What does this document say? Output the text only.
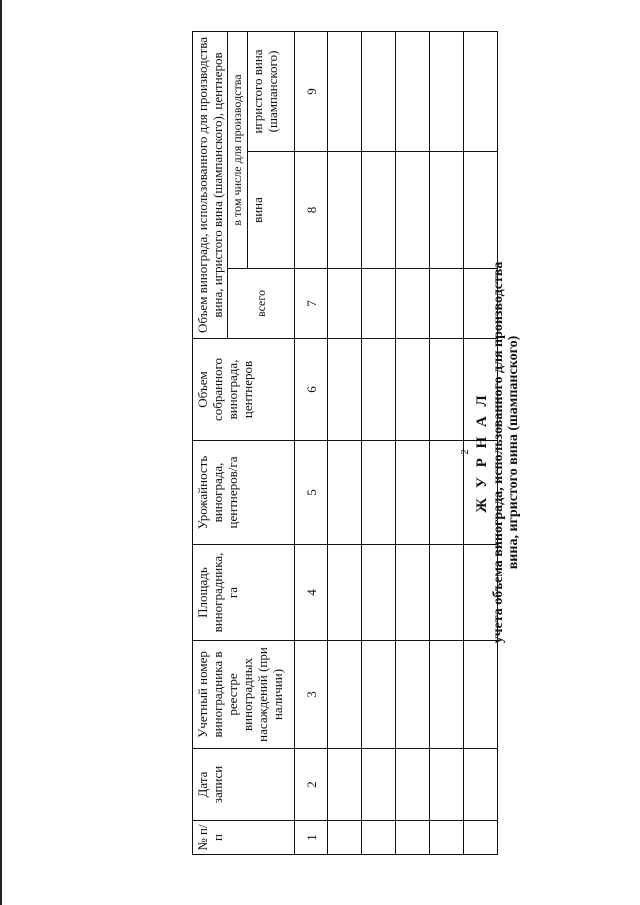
2 Ж У Р Н А Л учета объема винограда, использованного для производства вина, игристого вина (шампанского)
№ п/п	Дата записи	Учетный номер виноградника в реестре виноградных насаждений (при наличии)	Площадь виноградника, га	Урожайность винограда, центнеров/га	Объем собранного винограда, центнеров	Объем винограда, использованного для производства вина, игристого вина (шампанского), центнеров		
						всего	в том числе для производства	
							вина	игристого вина (шампанского)
1	2	3	4	5	6	7	8	9
